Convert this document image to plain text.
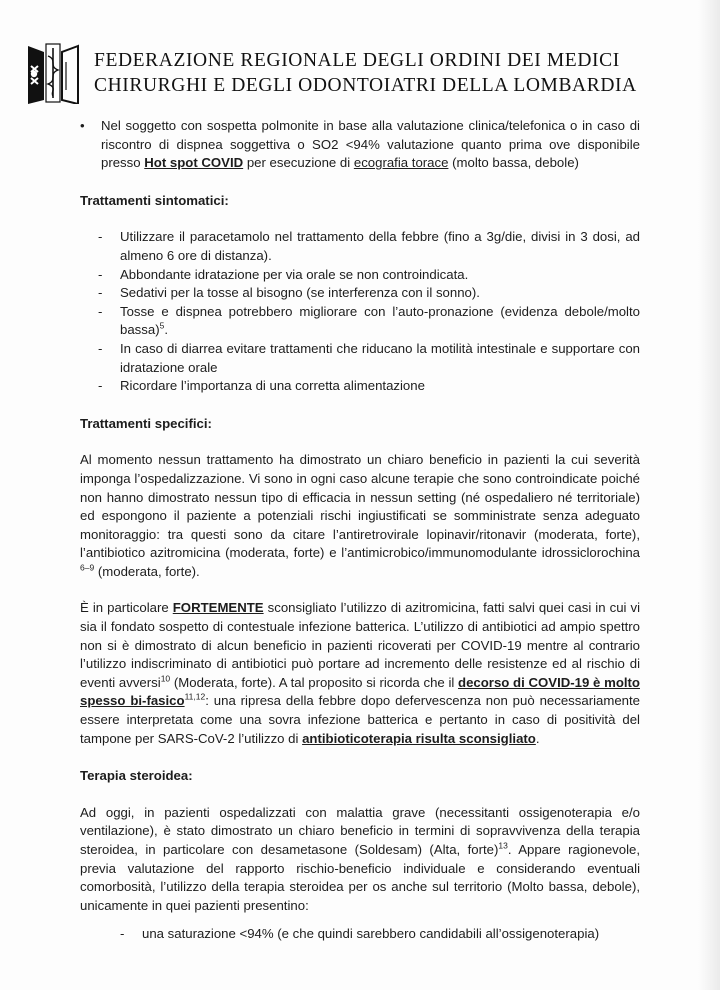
FEDERAZIONE REGIONALE DEGLI ORDINI DEI MEDICI
CHIRURGHI E DEGLI ODONTOIATRI DELLA LOMBARDIA
• Nel soggetto con sospetta polmonite in base alla valutazione clinica/telefonica o in caso di riscontro di dispnea soggettiva o SO2 <94% valutazione quanto prima ove disponibile presso Hot spot COVID per esecuzione di ecografia torace (molto bassa, debole)

Trattamenti sintomatici:
- Utilizzare il paracetamolo nel trattamento della febbre (fino a 3g/die, divisi in 3 dosi, ad almeno 6 ore di distanza).
- Abbondante idratazione per via orale se non controindicata.
- Sedativi per la tosse al bisogno (se interferenza con il sonno).
- Tosse e dispnea potrebbero migliorare con l’auto-pronazione (evidenza debole/molto bassa)$^5$.
- In caso di diarrea evitare trattamenti che riducano la motilità intestinale e supportare con idratazione orale
- Ricordare l’importanza di una corretta alimentazione
Trattamenti specifici:

Al momento nessun trattamento ha dimostrato un chiaro beneficio in pazienti la cui severità imponga l’ospedalizzazione. Vi sono in ogni caso alcune terapie che sono controindicate poiché non hanno dimostrato nessun tipo di efficacia in nessun setting (né ospedaliero né territoriale) ed espongono il paziente a potenziali rischi ingiustificati se somministrate senza adeguato monitoraggio: tra questi sono da citare l’antiretrovirale lopinavir/ritonavir (moderata, forte), l’antibiotico azitromicina (moderata, forte) e l’antimicrobico/immunomodulante idrossiclorochina $^{6-9}$ (moderata, forte).

È in particolare FORTEMENTE sconsigliato l’utilizzo di azitromicina, fatti salvi quei casi in cui vi sia il fondato sospetto di contestuale infezione batterica. L’utilizzo di antibiotici ad ampio spettro non si è dimostrato di alcun beneficio in pazienti ricoverati per COVID-19 mentre al contrario l’utilizzo indiscriminato di antibiotici può portare ad incremento delle resistenze ed al rischio di eventi avversi$^{10}$ (Moderata, forte). A tal proposito si ricorda che il decorso di COVID-19 è molto spesso bi-fasico$^{11,12}$: una ripresa della febbre dopo defervescenza non può necessariamente essere interpretata come una sovra infezione batterica e pertanto in caso di positività del tampone per SARS-CoV-2 l’utilizzo di antibioticoterapia risulta sconsigliato.

Terapia steroidea:

Ad oggi, in pazienti ospedalizzati con malattia grave (necessitanti ossigenoterapia e/o ventilazione), è stato dimostrato un chiaro beneficio in termini di sopravvivenza della terapia steroidea, in particolare con desametasone (Soldesam) (Alta, forte)$^{13}$. Appare ragionevole, previa valutazione del rapporto rischio-beneficio individuale e considerando eventuali comorbosità, l’utilizzo della terapia steroidea per os anche sul territorio (Molto bassa, debole), unicamente in quei pazienti presentino:

- una saturazione <94% (e che quindi sarebbero candidabili all’ossigenoterapia)
